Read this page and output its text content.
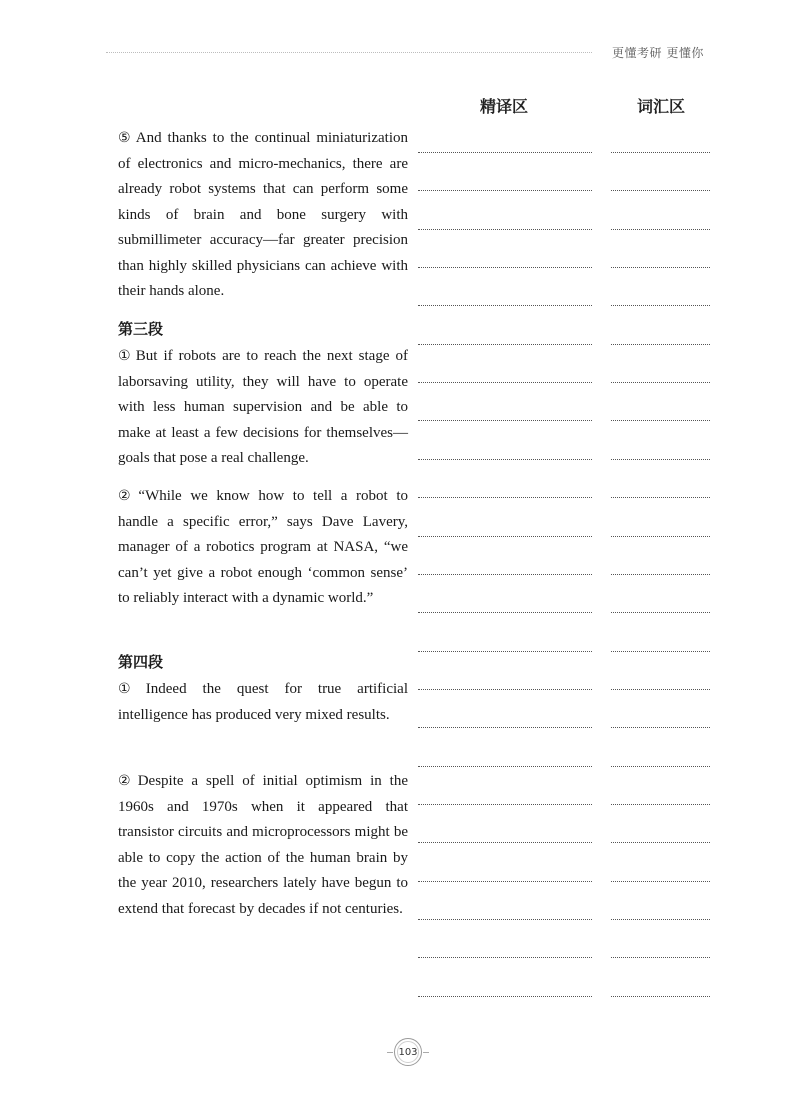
更懂考研 更懂你
精译区	词汇区
⑤ And thanks to the continual miniaturization of electronics and micro-mechanics, there are already robot systems that can perform some kinds of brain and bone surgery with submillimeter accuracy—far greater precision than highly skilled physicians can achieve with their hands alone.
第三段
① But if robots are to reach the next stage of laborsaving utility, they will have to operate with less human supervision and be able to make at least a few decisions for themselves—goals that pose a real challenge.
② “While we know how to tell a robot to handle a specific error,” says Dave Lavery, manager of a robotics program at NASA, “we can’t yet give a robot enough ‘common sense’ to reliably interact with a dynamic world.”
第四段
① Indeed the quest for true artificial intelligence has produced very mixed results.
② Despite a spell of initial optimism in the 1960s and 1970s when it appeared that transistor circuits and microprocessors might be able to copy the action of the human brain by the year 2010, researchers lately have begun to extend that forecast by decades if not centuries.
103
